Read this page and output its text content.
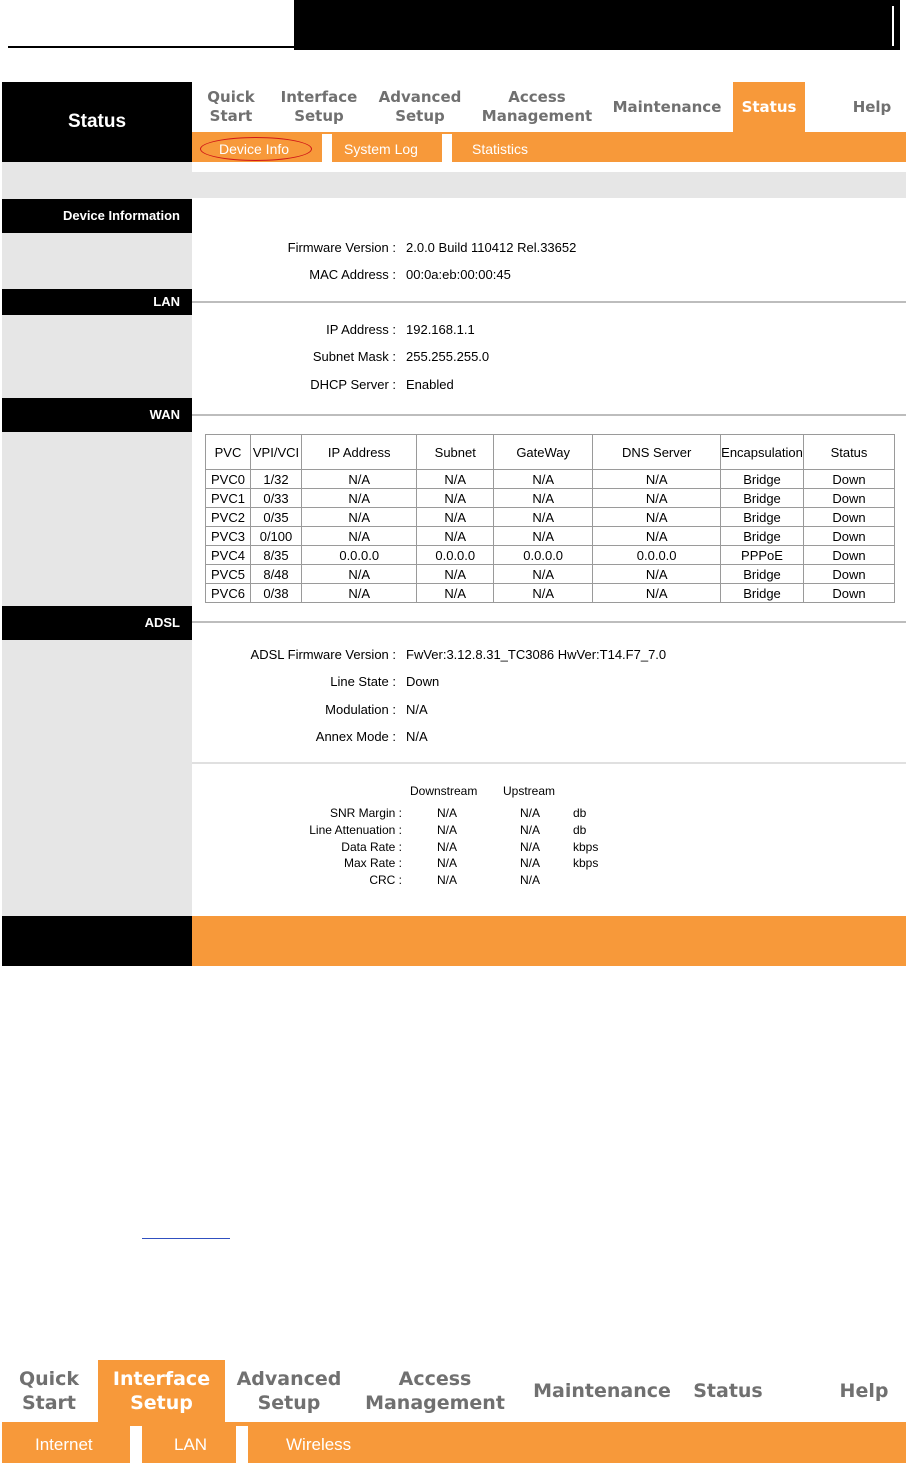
Status
Quick
Start
Interface
Setup
Advanced
Setup
Access
Management
Maintenance	Status	Help
Device Info	System Log	Statistics
Device Information
Firmware Version : 2.0.0 Build 110412 Rel.33652
MAC Address : 00:0a:eb:00:00:45
LAN
IP Address : 192.168.1.1
Subnet Mask : 255.255.255.0
DHCP Server : Enabled
WAN
PVC	VPI/VCI	IP Address	Subnet	GateWay	DNS Server	Encapsulation	Status
PVC0	1/32	N/A	N/A	N/A	N/A	Bridge	Down
PVC1	0/33	N/A	N/A	N/A	N/A	Bridge	Down
PVC2	0/35	N/A	N/A	N/A	N/A	Bridge	Down
PVC3	0/100	N/A	N/A	N/A	N/A	Bridge	Down
PVC4	8/35	0.0.0.0	0.0.0.0	0.0.0.0	0.0.0.0	PPPoE	Down
PVC5	8/48	N/A	N/A	N/A	N/A	Bridge	Down
PVC6	0/38	N/A	N/A	N/A	N/A	Bridge	Down
ADSL
ADSL Firmware Version : FwVer:3.12.8.31_TC3086 HwVer:T14.F7_7.0
Line State : Down
Modulation : N/A
Annex Mode : N/A
Downstream Upstream
SNR Margin :	N/A	N/A	db
Line Attenuation :	N/A	N/A	db
Data Rate :	N/A	N/A	kbps
Max Rate :	N/A	N/A	kbps
CRC :	N/A	N/A
Quick
Start
Interface
Setup
Advanced
Setup
Access
Management
Maintenance	Status	Help
Internet	LAN	Wireless
